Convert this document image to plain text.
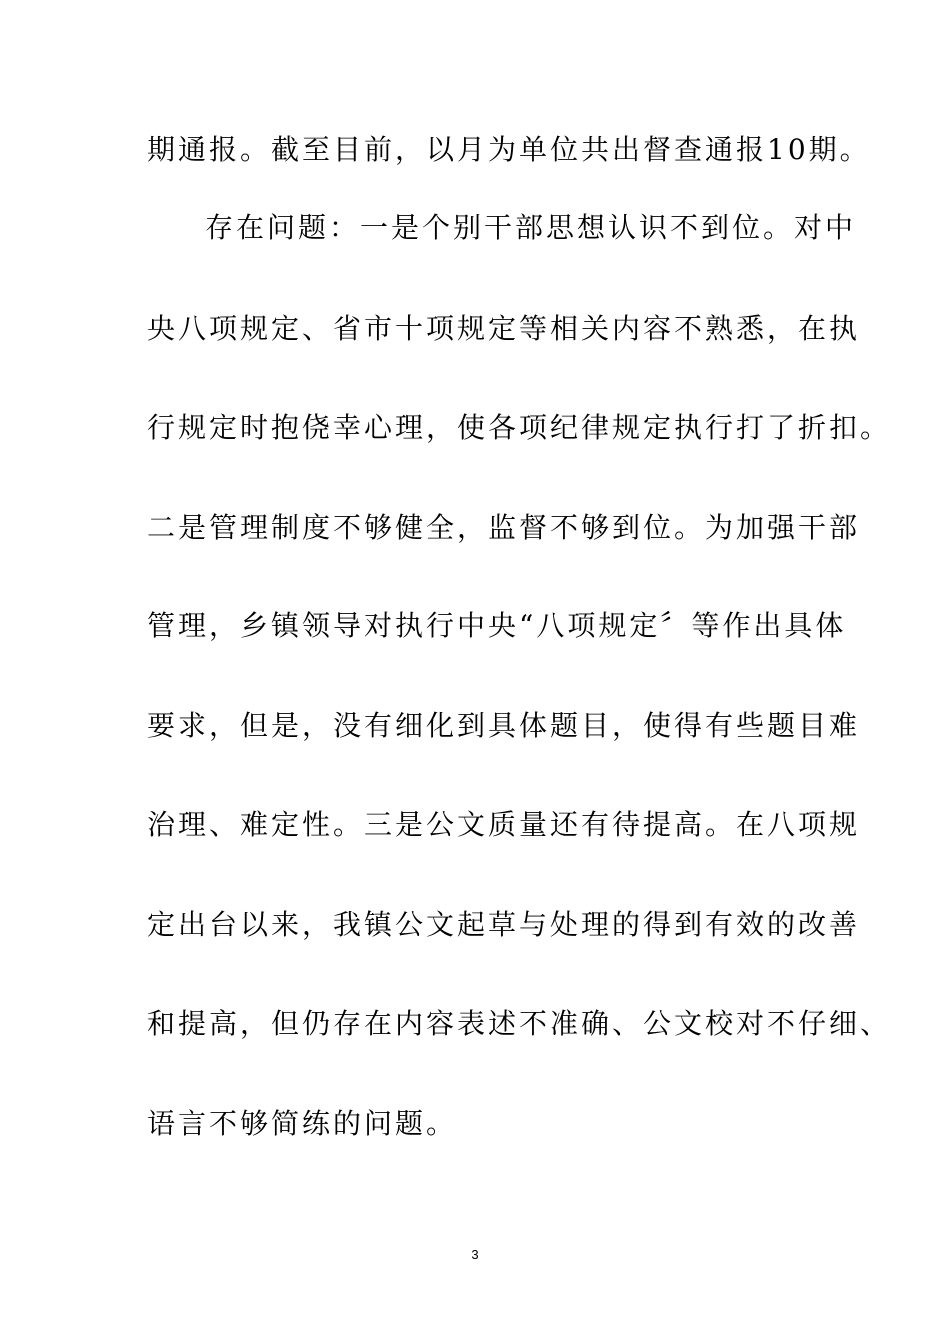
期通报。截至目前，以月为单位共出督查通报10期。
存在问题：一是个别干部思想认识不到位。对中
央八项规定、省市十项规定等相关内容不熟悉，在执
行规定时抱侥幸心理，使各项纪律规定执行打了折扣。
二是管理制度不够健全，监督不够到位。为加强干部
管理，乡镇领导对执行中央“八项规定〞等作出具体
要求，但是，没有细化到具体题目，使得有些题目难
治理、难定性。三是公文质量还有待提高。在八项规
定出台以来，我镇公文起草与处理的得到有效的改善
和提高，但仍存在内容表述不准确、公文校对不仔细、
语言不够简练的问题。
3
